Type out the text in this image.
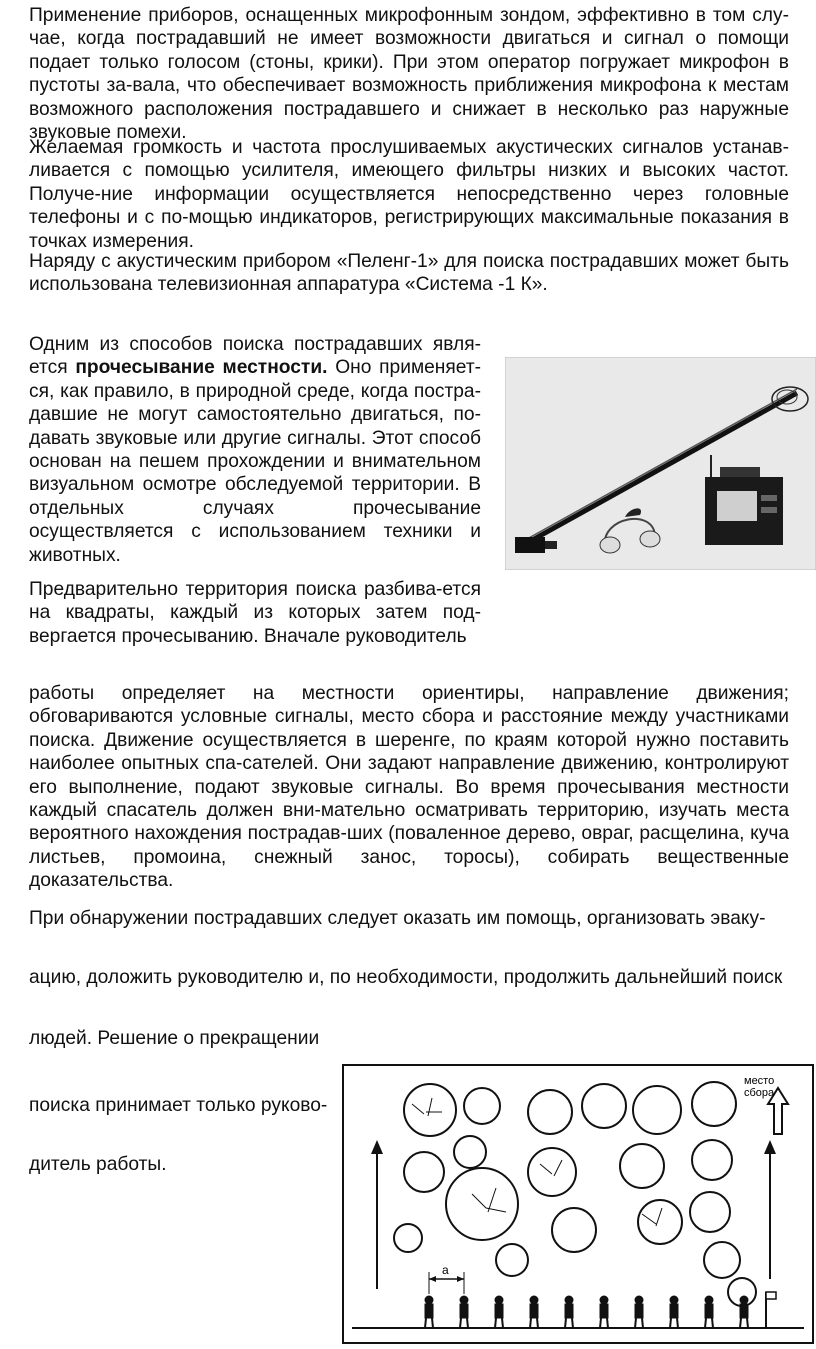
Применение приборов, оснащенных микрофонным зондом, эффективно в том слу-чае, когда пострадавший не имеет возможности двигаться и сигнал о помощи подает только голосом (стоны, крики). При этом оператор погружает микрофон в пустоты за-вала, что обеспечивает возможность приближения микрофона к местам возможного расположения пострадавшего и снижает в несколько раз наружные звуковые помехи.

Желаемая громкость и частота прослушиваемых акустических сигналов устанав-ливается с помощью усилителя, имеющего фильтры низких и высоких частот. Получе-ние информации осуществляется непосредственно через головные телефоны и с по-мощью индикаторов, регистрирующих максимальные показания в точках измерения.

Наряду с акустическим прибором «Пеленг-1» для поиска пострадавших может быть использована телевизионная аппаратура «Система -1 К».

Одним из способов поиска пострадавших явля-ется прочесывание местности. Оно применяет-ся, как правило, в природной среде, когда постра-давшие не могут самостоятельно двигаться, по-давать звуковые или другие сигналы. Этот способ основан на пешем прохождении и внимательном визуальном осмотре обследуемой территории. В отдельных случаях прочесывание осуществляется с использованием техники и животных.

Предварительно территория поиска разбива-ется на квадраты, каждый из которых затем под-вергается прочесыванию. Вначале руководитель

работы определяет на местности ориентиры, направление движения; обговариваются условные сигналы, место сбора и расстояние между участниками поиска. Движение осуществляется в шеренге, по краям которой нужно поставить наиболее опытных спа-сателей. Они задают направление движению, контролируют его выполнение, подают звуковые сигналы. Во время прочесывания местности каждый спасатель должен вни-мательно осматривать территорию, изучать места вероятного нахождения пострадав-ших (поваленное дерево, овраг, расщелина, куча листьев, промоина, снежный занос, торосы), собирать вещественные доказательства.

При обнаружении пострадавших следует оказать им помощь, организовать эваку-

ацию, доложить руководителю и, по необходимости, продолжить дальнейший поиск

людей. Решение о прекращении

поиска принимает только руково-

дитель работы.

место
сбора
а
